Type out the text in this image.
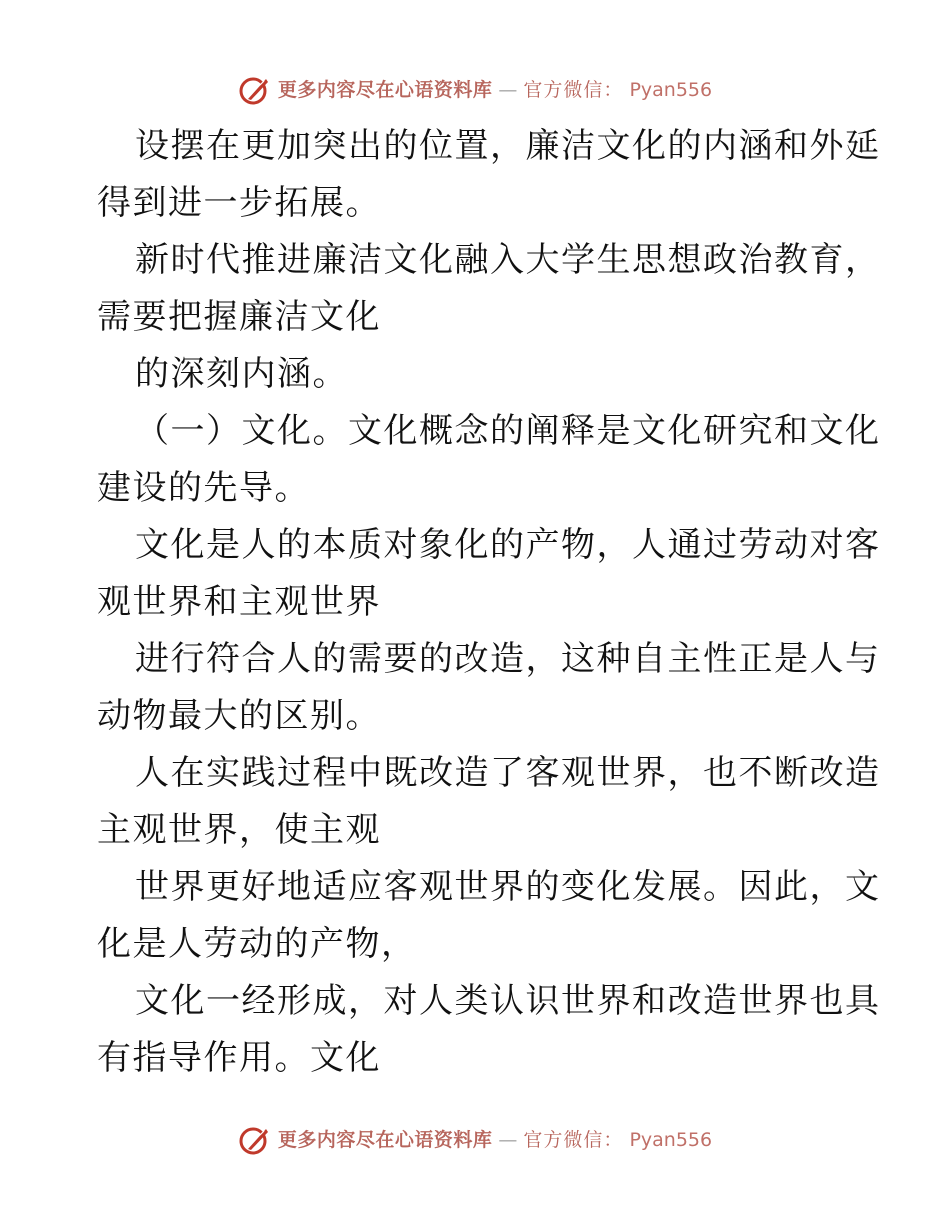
更多内容尽在心语资料库 — 官方微信： Pyan556

设摆在更加突出的位置，廉洁文化的内涵和外延

得到进一步拓展。

新时代推进廉洁文化融入大学生思想政治教育，

需要把握廉洁文化

的深刻内涵。

（一）文化。文化概念的阐释是文化研究和文化

建设的先导。

文化是人的本质对象化的产物，人通过劳动对客

观世界和主观世界

进行符合人的需要的改造，这种自主性正是人与

动物最大的区别。

人在实践过程中既改造了客观世界，也不断改造

主观世界，使主观

世界更好地适应客观世界的变化发展。因此，文

化是人劳动的产物，

文化一经形成，对人类认识世界和改造世界也具

有指导作用。文化

更多内容尽在心语资料库 — 官方微信： Pyan556
